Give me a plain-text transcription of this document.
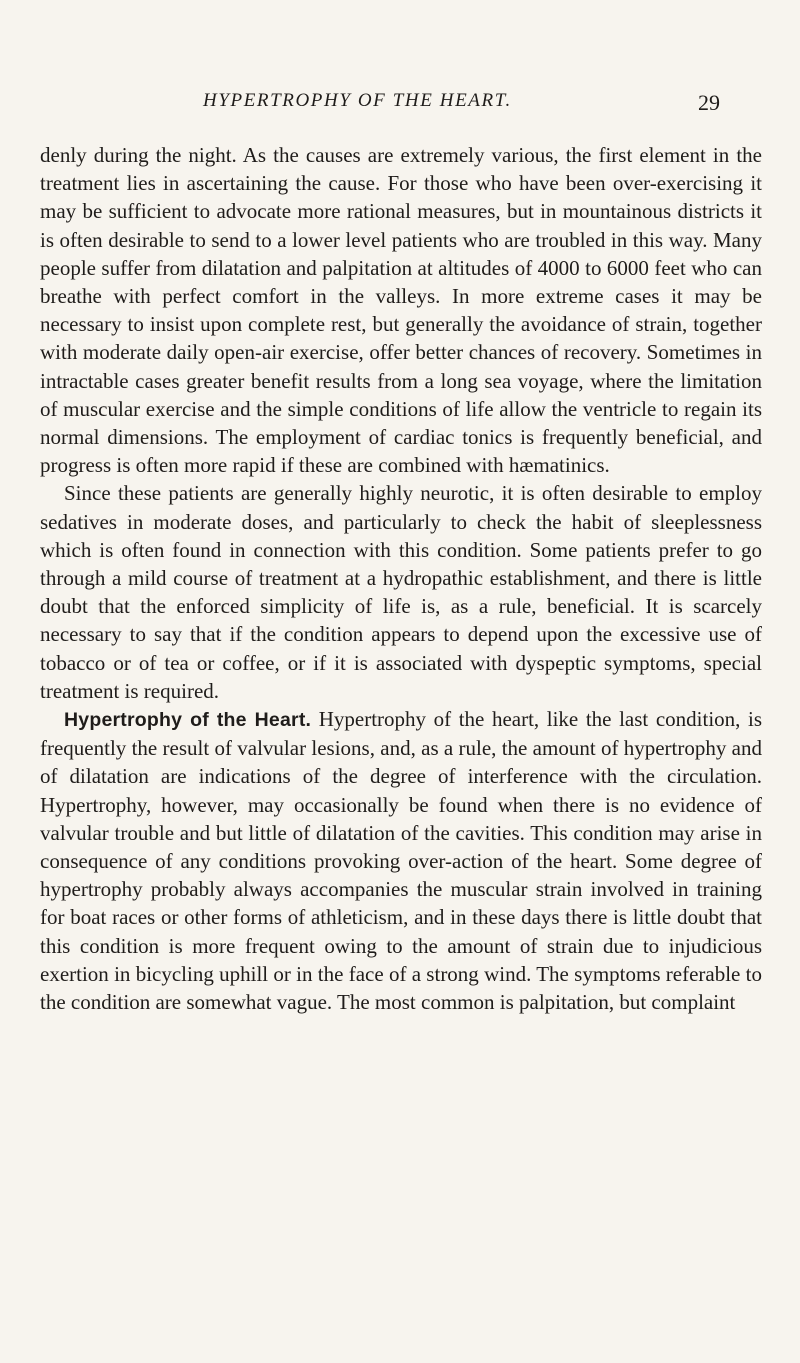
HYPERTROPHY OF THE HEART.	29

denly during the night. As the causes are extremely various, the first element in the treatment lies in ascertaining the cause. For those who have been over-exercising it may be sufficient to advocate more rational measures, but in mountainous districts it is often desirable to send to a lower level patients who are troubled in this way. Many people suffer from dilatation and palpitation at altitudes of 4000 to 6000 feet who can breathe with perfect comfort in the valleys. In more extreme cases it may be necessary to insist upon complete rest, but generally the avoidance of strain, together with moderate daily open-air exercise, offer better chances of recovery. Sometimes in intractable cases greater benefit results from a long sea voyage, where the limitation of muscular exercise and the simple conditions of life allow the ventricle to regain its normal dimensions. The employment of cardiac tonics is frequently beneficial, and progress is often more rapid if these are combined with hæmatinics.

Since these patients are generally highly neurotic, it is often desirable to employ sedatives in moderate doses, and particularly to check the habit of sleeplessness which is often found in connection with this condition. Some patients prefer to go through a mild course of treatment at a hydropathic establishment, and there is little doubt that the enforced simplicity of life is, as a rule, beneficial. It is scarcely necessary to say that if the condition appears to depend upon the excessive use of tobacco or of tea or coffee, or if it is associated with dyspeptic symptoms, special treatment is required.

Hypertrophy of the Heart. Hypertrophy of the heart, like the last condition, is frequently the result of valvular lesions, and, as a rule, the amount of hypertrophy and of dilatation are indications of the degree of interference with the circulation. Hypertrophy, however, may occasionally be found when there is no evidence of valvular trouble and but little of dilatation of the cavities. This condition may arise in consequence of any conditions provoking over-action of the heart. Some degree of hypertrophy probably always accompanies the muscular strain involved in training for boat races or other forms of athleticism, and in these days there is little doubt that this condition is more frequent owing to the amount of strain due to injudicious exertion in bicycling uphill or in the face of a strong wind. The symptoms referable to the condition are somewhat vague. The most common is palpitation, but complaint
